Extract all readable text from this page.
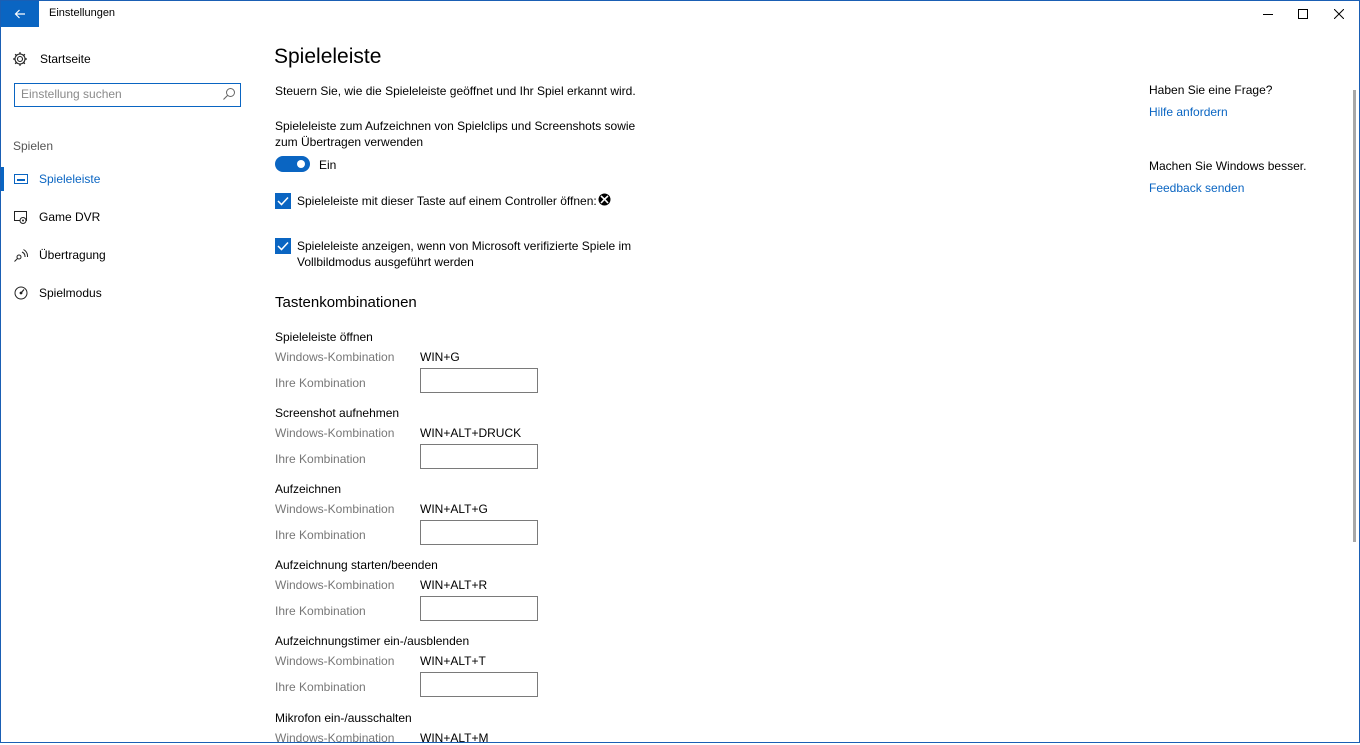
Einstellungen
Startseite
Einstellung suchen
Spielen
Spieleleiste
Game DVR
Übertragung
Spielmodus
Spieleleiste
Steuern Sie, wie die Spieleleiste geöffnet und Ihr Spiel erkannt wird.
Spieleleiste zum Aufzeichnen von Spielclips und Screenshots sowie zum Übertragen verwenden
Ein
Spieleleiste mit dieser Taste auf einem Controller öffnen:
Spieleleiste anzeigen, wenn von Microsoft verifizierte Spiele im Vollbildmodus ausgeführt werden
Tastenkombinationen
Spieleleiste öffnen
Windows-Kombination WIN+G
Ihre Kombination
Screenshot aufnehmen
Windows-Kombination WIN+ALT+DRUCK
Ihre Kombination
Aufzeichnen
Windows-Kombination WIN+ALT+G
Ihre Kombination
Aufzeichnung starten/beenden
Windows-Kombination WIN+ALT+R
Ihre Kombination
Aufzeichnungstimer ein-/ausblenden
Windows-Kombination WIN+ALT+T
Ihre Kombination
Mikrofon ein-/ausschalten
Windows-Kombination WIN+ALT+M
Haben Sie eine Frage?
Hilfe anfordern
Machen Sie Windows besser.
Feedback senden
